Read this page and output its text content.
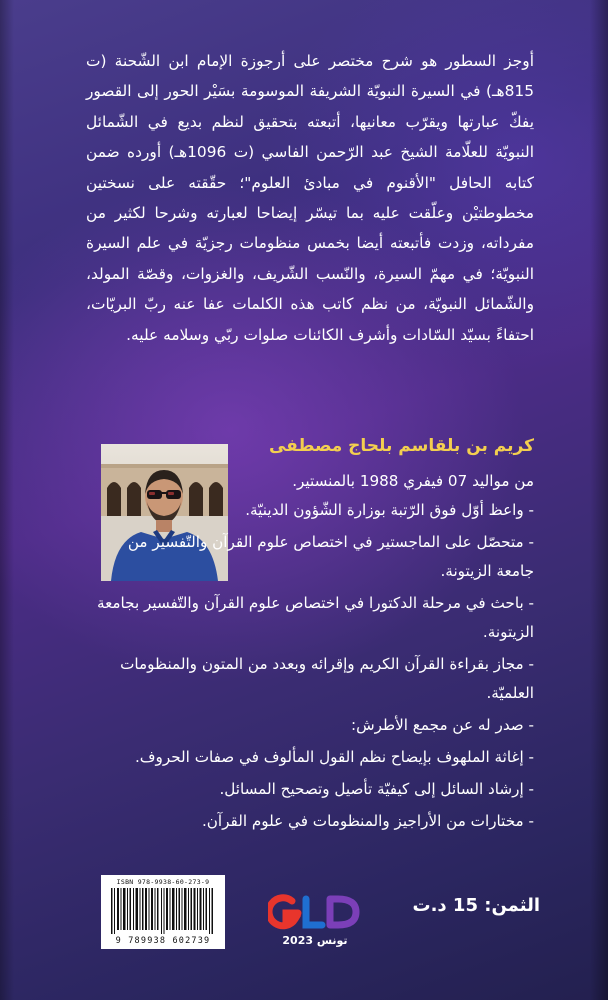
أوجز السطور هو شرح مختصر على أرجوزة الإمام ابن الشّحنة (ت 815هـ) في السيرة النبويّة الشريفة الموسومة بسَيْر الحور إلى القصور يفكّ عبارتها ويقرّب معانيها، أتبعته بتحقيق لنظم بديع في الشّمائل النبويّة للعلّامة الشيخ عبد الرّحمن الفاسي (ت 1096هـ) أورده ضمن كتابه الحافل "الأقنوم في مبادئ العلوم"؛ حقّقته على نسختين مخطوطتيْن وعلّقت عليه بما تيسّر إيضاحا لعبارته وشرحا لكثير من مفرداته، وزدت فأتبعته أيضا بخمس منظومات رجزيّة في علم السيرة النبويّة؛ في مهمّ السيرة، والنّسب الشّريف، والغزوات، وقصّة المولد، والشّمائل النبويّة، من نظم كاتب هذه الكلمات عفا عنه ربّ البريّات، احتفاءً بسيّد السّادات وأشرف الكائنات صلوات ربّي وسلامه عليه.

كريم بن بلقاسم بلحاج مصطفى
من مواليد 07 فيفري 1988 بالمنستير.
- واعظ أوّل فوق الرّتبة بوزارة الشّؤون الدينيّة.
- متحصّل على الماجستير في اختصاص علوم القرآن والتّفسير من جامعة الزيتونة.
- باحث في مرحلة الدكتورا في اختصاص علوم القرآن والتّفسير بجامعة الزيتونة.
- مجاز بقراءة القرآن الكريم وإقرائه وبعدد من المتون والمنظومات العلميّة.
- صدر له عن مجمع الأطرش:
- إغاثة الملهوف بإيضاح نظم القول المألوف في صفات الحروف.
- إرشاد السائل إلى كيفيّة تأصيل وتصحيح المسائل.
- مختارات من الأراجيز والمنظومات في علوم القرآن.
ISBN 978-9938-60-273-9
9 789938 602739	تونس 2023
الثمن: 15 د.ت
